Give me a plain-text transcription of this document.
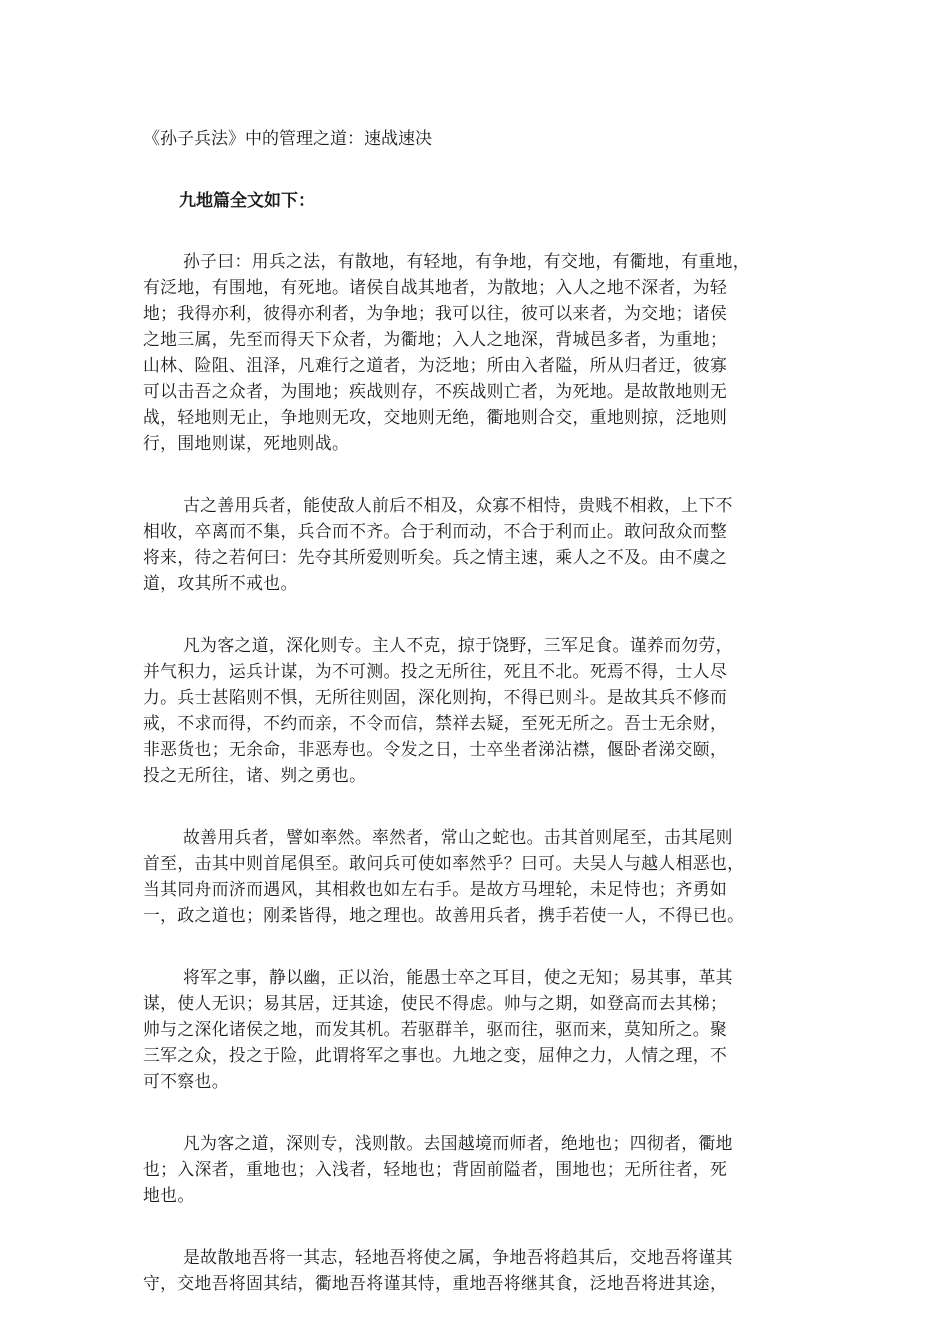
《孙子兵法》中的管理之道：速战速决
九地篇全文如下：
孙子曰：用兵之法，有散地，有轻地，有争地，有交地，有衢地，有重地，
有泛地，有围地，有死地。诸侯自战其地者，为散地；入人之地不深者，为轻
地；我得亦利，彼得亦利者，为争地；我可以往，彼可以来者，为交地；诸侯
之地三属，先至而得天下众者，为衢地；入人之地深，背城邑多者，为重地；
山林、险阻、沮泽，凡难行之道者，为泛地；所由入者隘，所从归者迂，彼寡
可以击吾之众者，为围地；疾战则存，不疾战则亡者，为死地。是故散地则无
战，轻地则无止，争地则无攻，交地则无绝，衢地则合交，重地则掠，泛地则
行，围地则谋，死地则战。
古之善用兵者，能使敌人前后不相及，众寡不相恃，贵贱不相救，上下不
相收，卒离而不集，兵合而不齐。合于利而动，不合于利而止。敢问敌众而整
将来，待之若何曰：先夺其所爱则听矣。兵之情主速，乘人之不及。由不虞之
道，攻其所不戒也。
凡为客之道，深化则专。主人不克，掠于饶野，三军足食。谨养而勿劳，
并气积力，运兵计谋，为不可测。投之无所往，死且不北。死焉不得，士人尽
力。兵士甚陷则不惧，无所往则固，深化则拘，不得已则斗。是故其兵不修而
戒，不求而得，不约而亲，不令而信，禁祥去疑，至死无所之。吾士无余财，
非恶货也；无余命，非恶寿也。令发之日，士卒坐者涕沾襟，偃卧者涕交颐，
投之无所往，诸、刿之勇也。
故善用兵者，譬如率然。率然者，常山之蛇也。击其首则尾至，击其尾则
首至，击其中则首尾俱至。敢问兵可使如率然乎？曰可。夫吴人与越人相恶也，
当其同舟而济而遇风，其相救也如左右手。是故方马埋轮，未足恃也；齐勇如
一，政之道也；刚柔皆得，地之理也。故善用兵者，携手若使一人，不得已也。
将军之事，静以幽，正以治，能愚士卒之耳目，使之无知；易其事，革其
谋，使人无识；易其居，迂其途，使民不得虑。帅与之期，如登高而去其梯；
帅与之深化诸侯之地，而发其机。若驱群羊，驱而往，驱而来，莫知所之。聚
三军之众，投之于险，此谓将军之事也。九地之变，屈伸之力，人情之理，不
可不察也。
凡为客之道，深则专，浅则散。去国越境而师者，绝地也；四彻者，衢地
也；入深者，重地也；入浅者，轻地也；背固前隘者，围地也；无所往者，死
地也。
是故散地吾将一其志，轻地吾将使之属，争地吾将趋其后，交地吾将谨其
守，交地吾将固其结，衢地吾将谨其恃，重地吾将继其食，泛地吾将进其途，
